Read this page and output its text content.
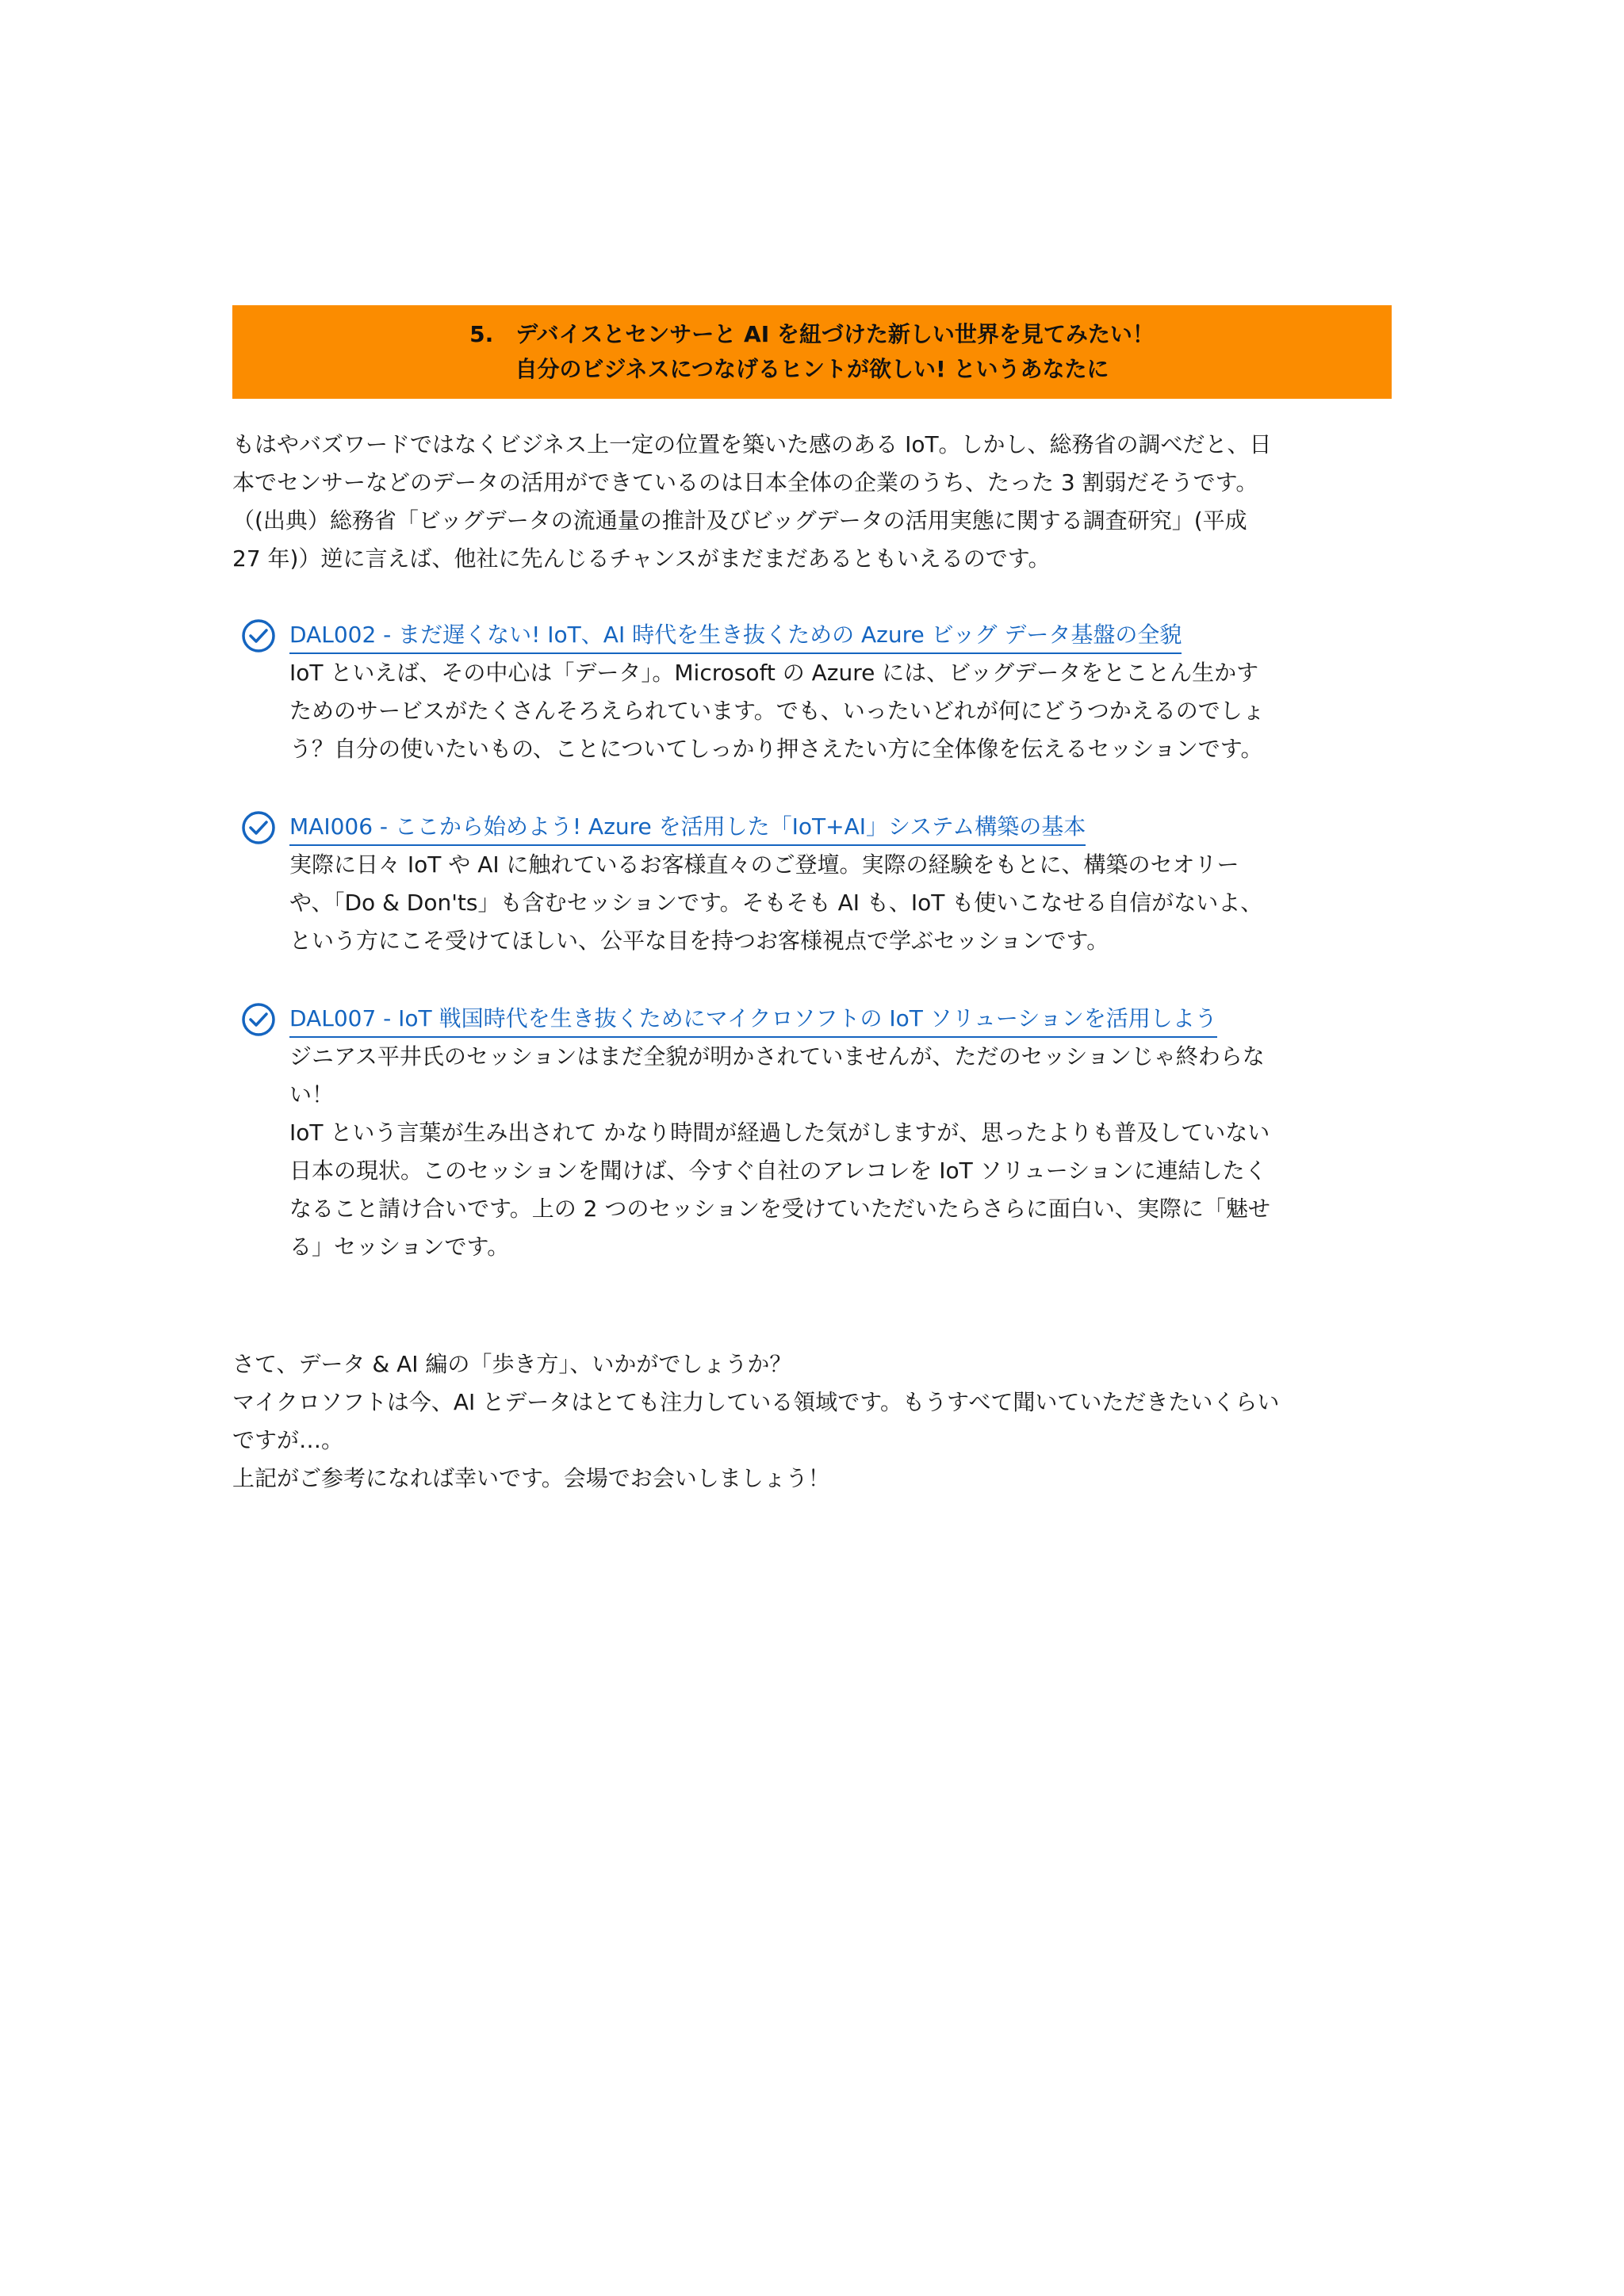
5.　デバイスとセンサーと AI を紐づけた新しい世界を見てみたい！
自分のビジネスにつなげるヒントが欲しい! というあなたに

もはやバズワードではなくビジネス上一定の位置を築いた感のある IoT。しかし、総務省の調べだと、日

本でセンサーなどのデータの活用ができているのは日本全体の企業のうち、たった 3 割弱だそうです。

（(出典）総務省「ビッグデータの流通量の推計及びビッグデータの活用実態に関する調査研究」(平成

27 年)）逆に言えば、他社に先んじるチャンスがまだまだあるともいえるのです。

DAL002 - まだ遅くない! IoT、AI 時代を生き抜くための Azure ビッグ データ基盤の全貌

IoT といえば、その中心は「データ」。Microsoft の Azure には、ビッグデータをとことん生かす

ためのサービスがたくさんそろえられています。でも、いったいどれが何にどうつかえるのでしょ

う？自分の使いたいもの、ことについてしっかり押さえたい方に全体像を伝えるセッションです。

MAI006 - ここから始めよう! Azure を活用した「IoT+AI」システム構築の基本

実際に日々 IoT や AI に触れているお客様直々のご登壇。実際の経験をもとに、構築のセオリー

や、「Do & Don'ts」も含むセッションです。そもそも AI も、IoT も使いこなせる自信がないよ、

という方にこそ受けてほしい、公平な目を持つお客様視点で学ぶセッションです。

DAL007 - IoT 戦国時代を生き抜くためにマイクロソフトの IoT ソリューションを活用しよう

ジニアス平井氏のセッションはまだ全貌が明かされていませんが、ただのセッションじゃ終わらな

い！

IoT という言葉が生み出されて かなり時間が経過した気がしますが、思ったよりも普及していない

日本の現状。このセッションを聞けば、今すぐ自社のアレコレを IoT ソリューションに連結したく

なること請け合いです。上の 2 つのセッションを受けていただいたらさらに面白い、実際に「魅せ

る」セッションです。

さて、データ & AI 編の「歩き方」、いかがでしょうか？

マイクロソフトは今、AI とデータはとても注力している領域です。もうすべて聞いていただきたいくらい

ですが…。

上記がご参考になれば幸いです。会場でお会いしましょう！
